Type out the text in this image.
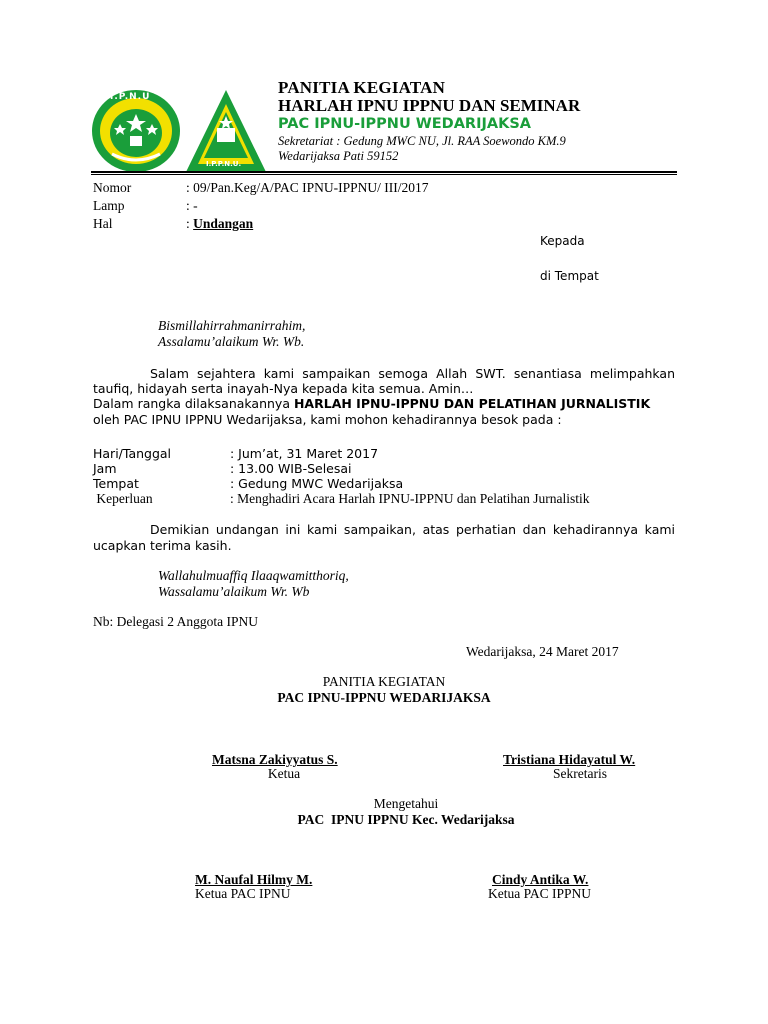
I.P.N.U
I.P.P.N.U.
PANITIA KEGIATAN
HARLAH IPNU IPPNU DAN SEMINAR
PAC IPNU-IPPNU WEDARIJAKSA
Sekretariat : Gedung MWC NU, Jl. RAA Soewondo KM.9
Wedarijaksa Pati 59152
Nomor	: 09/Pan.Keg/A/PAC IPNU-IPPNU/ III/2017
Lamp	: -
Hal	: Undangan
Kepada
di Tempat
Bismillahirrahmanirrahim,
Assalamu’alaikum Wr. Wb.
Salam sejahtera kami sampaikan semoga Allah SWT. senantiasa melimpahkan
taufiq, hidayah serta inayah-Nya kepada kita semua. Amin…
Dalam rangka dilaksanakannya HARLAH IPNU-IPPNU DAN PELATIHAN JURNALISTIK
oleh PAC IPNU IPPNU Wedarijaksa, kami mohon kehadirannya besok pada :
Hari/Tanggal	: Jum’at, 31 Maret 2017
Jam	: 13.00 WIB-Selesai
Tempat	: Gedung MWC Wedarijaksa
Keperluan	: Menghadiri Acara Harlah IPNU-IPPNU dan Pelatihan Jurnalistik
Demikian undangan ini kami sampaikan, atas perhatian dan kehadirannya kami
ucapkan terima kasih.
Wallahulmuaffiq Ilaaqwamitthoriq,
Wassalamu’alaikum Wr. Wb
Nb: Delegasi 2 Anggota IPNU
Wedarijaksa, 24 Maret 2017
PANITIA KEGIATAN
PAC IPNU-IPPNU WEDARIJAKSA
Matsna Zakiyyatus S.
Ketua
Tristiana Hidayatul W.
Sekretaris
Mengetahui
PAC  IPNU IPPNU Kec. Wedarijaksa
M. Naufal Hilmy M.
Ketua PAC IPNU
Cindy Antika W.
Ketua PAC IPPNU
